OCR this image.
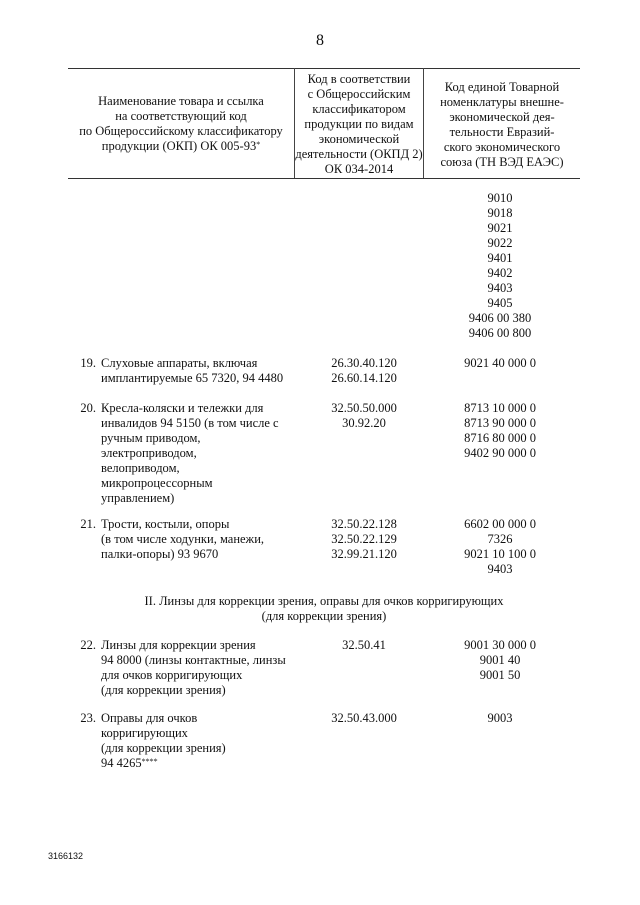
8
Наименование товара и ссылка
на соответствующий код
по Общероссийскому классификатору
продукции (ОКП) ОК 005-93*
Код в соответствии
с Общероссийским
классификатором
продукции по видам
экономической
деятельности (ОКПД 2)
ОК 034-2014
Код единой Товарной
номенклатуры внешне-
экономической дея-
тельности Евразий-
ского экономического
союза (ТН ВЭД ЕАЭС)
9010
9018
9021
9022
9401
9402
9403
9405
9406 00 380
9406 00 800
19. Слуховые аппараты, включая
имплантируемые 65 7320, 94 4480
26.30.40.120
26.60.14.120
9021 40 000 0
20. Кресла-коляски и тележки для
инвалидов 94 5150 (в том числе с
ручным приводом,
электроприводом,
велоприводом,
микропроцессорным
управлением)
32.50.50.000
30.92.20
8713 10 000 0
8713 90 000 0
8716 80 000 0
9402 90 000 0
21. Трости, костыли, опоры
(в том числе ходунки, манежи,
палки-опоры) 93 9670
32.50.22.128
32.50.22.129
32.99.21.120
6602 00 000 0
7326
9021 10 100 0
9403
II. Линзы для коррекции зрения, оправы для очков корригирующих
(для коррекции зрения)
22. Линзы для коррекции зрения
94 8000 (линзы контактные, линзы
для очков корригирующих
(для коррекции зрения)
32.50.41	9001 30 000 0
9001 40
9001 50
23. Оправы для очков
корригирующих
(для коррекции зрения)
94 4265****
32.50.43.000	9003
3166132
